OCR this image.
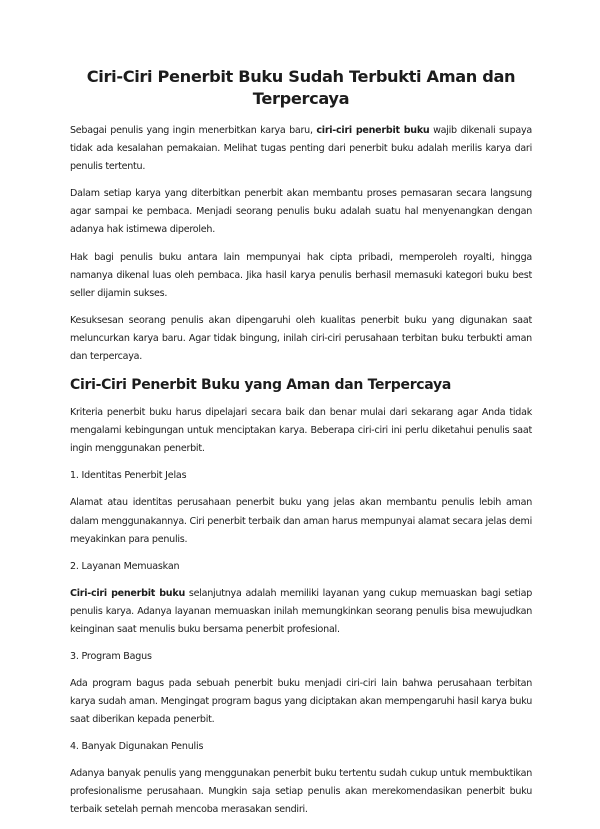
Ciri-Ciri Penerbit Buku Sudah Terbukti Aman dan Terpercaya

Sebagai penulis yang ingin menerbitkan karya baru, ciri-ciri penerbit buku wajib dikenali supaya tidak ada kesalahan pemakaian. Melihat tugas penting dari penerbit buku adalah merilis karya dari penulis tertentu.

Dalam setiap karya yang diterbitkan penerbit akan membantu proses pemasaran secara langsung agar sampai ke pembaca. Menjadi seorang penulis buku adalah suatu hal menyenangkan dengan adanya hak istimewa diperoleh.

Hak bagi penulis buku antara lain mempunyai hak cipta pribadi, memperoleh royalti, hingga namanya dikenal luas oleh pembaca. Jika hasil karya penulis berhasil memasuki kategori buku best seller dijamin sukses.

Kesuksesan seorang penulis akan dipengaruhi oleh kualitas penerbit buku yang digunakan saat meluncurkan karya baru. Agar tidak bingung, inilah ciri-ciri perusahaan terbitan buku terbukti aman dan terpercaya.

Ciri-Ciri Penerbit Buku yang Aman dan Terpercaya

Kriteria penerbit buku harus dipelajari secara baik dan benar mulai dari sekarang agar Anda tidak mengalami kebingungan untuk menciptakan karya. Beberapa ciri-ciri ini perlu diketahui penulis saat ingin menggunakan penerbit.

1. Identitas Penerbit Jelas

Alamat atau identitas perusahaan penerbit buku yang jelas akan membantu penulis lebih aman dalam menggunakannya. Ciri penerbit terbaik dan aman harus mempunyai alamat secara jelas demi meyakinkan para penulis.

2. Layanan Memuaskan

Ciri-ciri penerbit buku selanjutnya adalah memiliki layanan yang cukup memuaskan bagi setiap penulis karya. Adanya layanan memuaskan inilah memungkinkan seorang penulis bisa mewujudkan keinginan saat menulis buku bersama penerbit profesional.

3. Program Bagus

Ada program bagus pada sebuah penerbit buku menjadi ciri-ciri lain bahwa perusahaan terbitan karya sudah aman. Mengingat program bagus yang diciptakan akan mempengaruhi hasil karya buku saat diberikan kepada penerbit.

4. Banyak Digunakan Penulis

Adanya banyak penulis yang menggunakan penerbit buku tertentu sudah cukup untuk membuktikan profesionalisme perusahaan. Mungkin saja setiap penulis akan merekomendasikan penerbit buku terbaik setelah pernah mencoba merasakan sendiri.
